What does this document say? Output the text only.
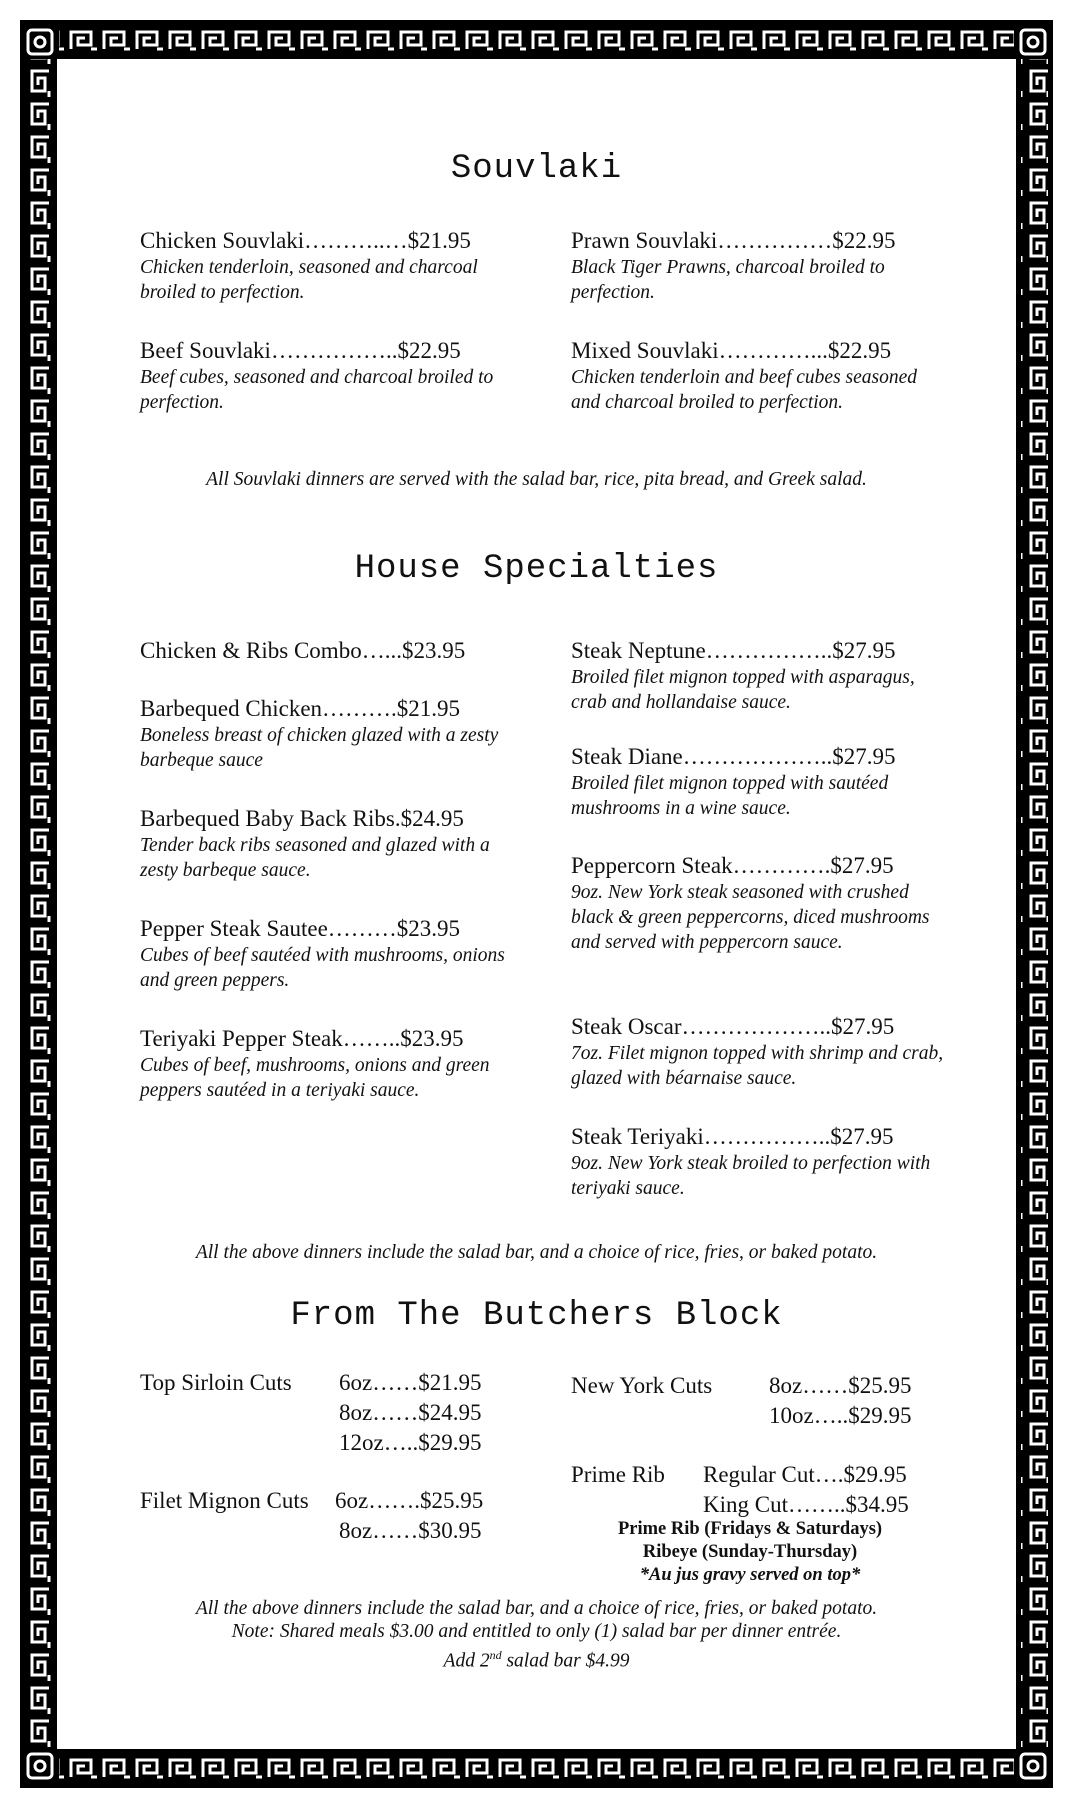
Souvlaki
Chicken Souvlaki………..…$21.95
Chicken tenderloin, seasoned and charcoal broiled to perfection.
Prawn Souvlaki……………$22.95
Black Tiger Prawns, charcoal broiled to perfection.
Beef Souvlaki……………..$22.95
Beef cubes, seasoned and charcoal broiled to perfection.
Mixed Souvlaki…………...$22.95
Chicken tenderloin and beef cubes seasoned and charcoal broiled to perfection.
All Souvlaki dinners are served with the salad bar, rice, pita bread, and Greek salad.
House Specialties
Chicken & Ribs Combo…...$23.95
Barbequed Chicken……….$21.95
Boneless breast of chicken glazed with a zesty barbeque sauce
Barbequed Baby Back Ribs.$24.95
Tender back ribs seasoned and glazed with a zesty barbeque sauce.
Pepper Steak Sautee………$23.95
Cubes of beef sautéed with mushrooms, onions and green peppers.
Teriyaki Pepper Steak……..$23.95
Cubes of beef, mushrooms, onions and green peppers sautéed in a teriyaki sauce.
Steak Neptune……………..$27.95
Broiled filet mignon topped with asparagus, crab and hollandaise sauce.
Steak Diane………………..$27.95
Broiled filet mignon topped with sautéed mushrooms in a wine sauce.
Peppercorn Steak………….$27.95
9oz. New York steak seasoned with crushed black & green peppercorns, diced mushrooms and served with peppercorn sauce.
Steak Oscar………………..$27.95
7oz. Filet mignon topped with shrimp and crab, glazed with béarnaise sauce.
Steak Teriyaki……………..$27.95
9oz. New York steak broiled to perfection with teriyaki sauce.
All the above dinners include the salad bar, and a choice of rice, fries, or baked potato.
From The Butchers Block
Top Sirloin Cuts 6oz……$21.95
8oz……$24.95
12oz…..$29.95
Filet Mignon Cuts 6oz…….$25.95
8oz……$30.95
New York Cuts 8oz……$25.95
10oz…..$29.95
Prime Rib Regular Cut….$29.95
King Cut……..$34.95
Prime Rib (Fridays & Saturdays)
Ribeye (Sunday-Thursday)
*Au jus gravy served on top*
All the above dinners include the salad bar, and a choice of rice, fries, or baked potato.
Note: Shared meals $3.00 and entitled to only (1) salad bar per dinner entrée.
Add 2nd salad bar $4.99
